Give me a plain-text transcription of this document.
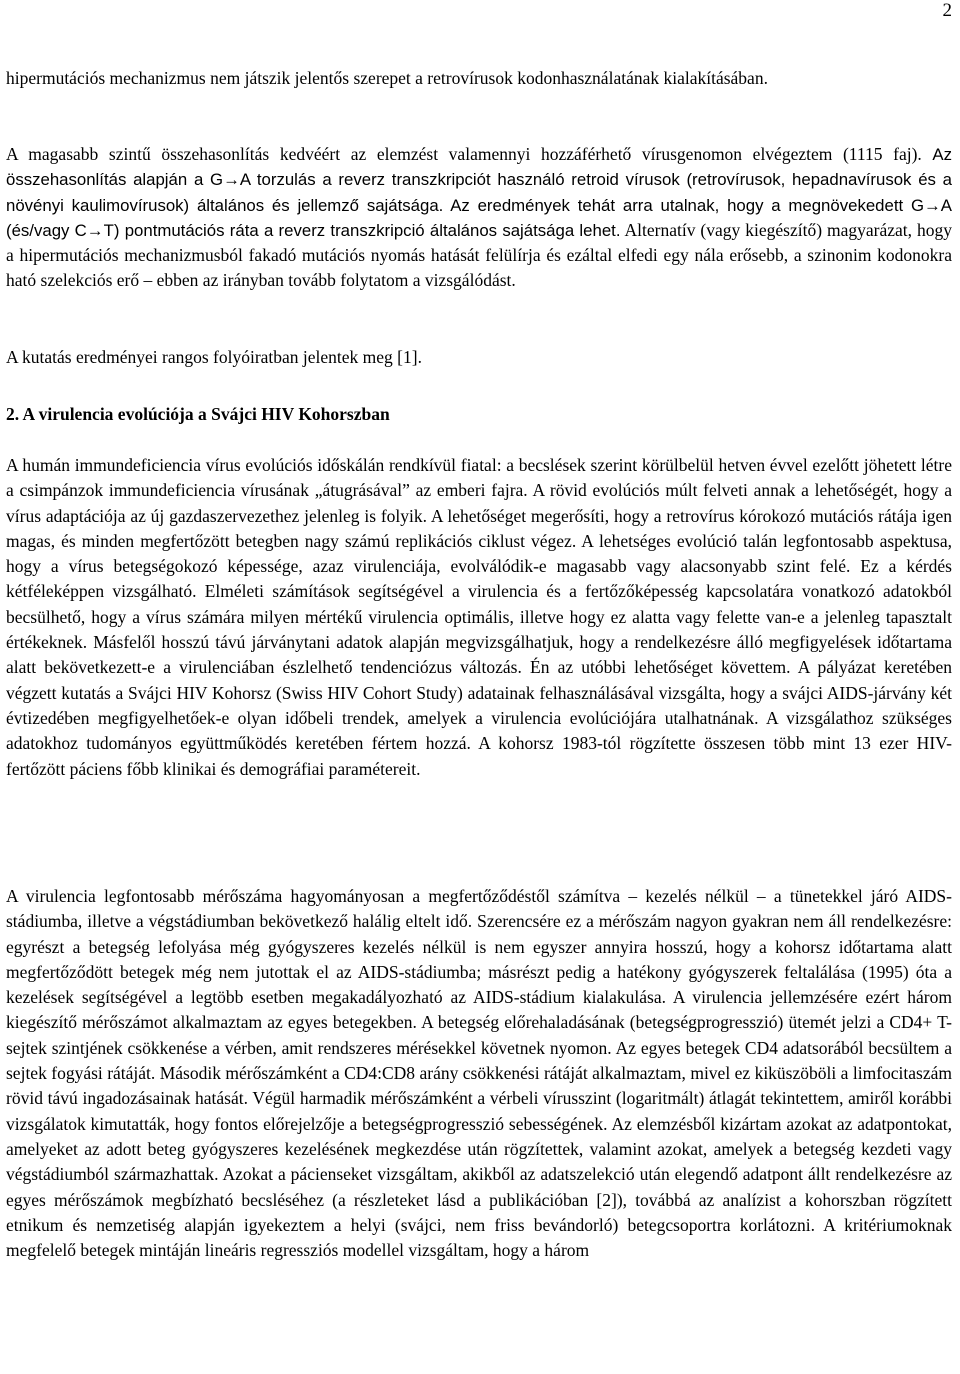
2

hipermutációs mechanizmus nem játszik jelentős szerepet a retrovírusok kodonhasználatának kialakításában.

A magasabb szintű összehasonlítás kedvéért az elemzést valamennyi hozzáférhető vírusgenomon elvégeztem (1115 faj). Az összehasonlítás alapján a G→A torzulás a reverz transzkripciót használó retroid vírusok (retrovírusok, hepadnavírusok és a növényi kaulimovírusok) általános és jellemző sajátsága. Az eredmények tehát arra utalnak, hogy a megnövekedett G→A (és/vagy C→T) pontmutációs ráta a reverz transzkripció általános sajátsága lehet. Alternatív (vagy kiegészítő) magyarázat, hogy a hipermutációs mechanizmusból fakadó mutációs nyomás hatását felülírja és ezáltal elfedi egy nála erősebb, a szinonim kodonokra ható szelekciós erő – ebben az irányban tovább folytatom a vizsgálódást.

A kutatás eredményei rangos folyóiratban jelentek meg [1].

2. A virulencia evolúciója a Svájci HIV Kohorszban

A humán immundeficiencia vírus evolúciós időskálán rendkívül fiatal: a becslések szerint körülbelül hetven évvel ezelőtt jöhetett létre a csimpánzok immundeficiencia vírusának „átugrásával” az emberi fajra. A rövid evolúciós múlt felveti annak a lehetőségét, hogy a vírus adaptációja az új gazdaszervezethez jelenleg is folyik. A lehetőséget megerősíti, hogy a retrovírus kórokozó mutációs rátája igen magas, és minden megfertőzött betegben nagy számú replikációs ciklust végez. A lehetséges evolúció talán legfontosabb aspektusa, hogy a vírus betegségokozó képessége, azaz virulenciája, evolválódik-e magasabb vagy alacsonyabb szint felé. Ez a kérdés kétféleképpen vizsgálható. Elméleti számítások segítségével a virulencia és a fertőzőképesség kapcsolatára vonatkozó adatokból becsülhető, hogy a vírus számára milyen mértékű virulencia optimális, illetve hogy ez alatta vagy felette van-e a jelenleg tapasztalt értékeknek. Másfelől hosszú távú járványtani adatok alapján megvizsgálhatjuk, hogy a rendelkezésre álló megfigyelések időtartama alatt bekövetkezett-e a virulenciában észlelhető tendenciózus változás. Én az utóbbi lehetőséget követtem. A pályázat keretében végzett kutatás a Svájci HIV Kohorsz (Swiss HIV Cohort Study) adatainak felhasználásával vizsgálta, hogy a svájci AIDS-járvány két évtizedében megfigyelhetőek-e olyan időbeli trendek, amelyek a virulencia evolúciójára utalhatnának. A vizsgálathoz szükséges adatokhoz tudományos együttműködés keretében fértem hozzá. A kohorsz 1983-tól rögzítette összesen több mint 13 ezer HIV-fertőzött páciens főbb klinikai és demográfiai paramétereit.

A virulencia legfontosabb mérőszáma hagyományosan a megfertőződéstől számítva – kezelés nélkül – a tünetekkel járó AIDS-stádiumba, illetve a végstádiumban bekövetkező halálig eltelt idő. Szerencsére ez a mérőszám nagyon gyakran nem áll rendelkezésre: egyrészt a betegség lefolyása még gyógyszeres kezelés nélkül is nem egyszer annyira hosszú, hogy a kohorsz időtartama alatt megfertőződött betegek még nem jutottak el az AIDS-stádiumba; másrészt pedig a hatékony gyógyszerek feltalálása (1995) óta a kezelések segítségével a legtöbb esetben megakadályozható az AIDS-stádium kialakulása. A virulencia jellemzésére ezért három kiegészítő mérőszámot alkalmaztam az egyes betegekben. A betegség előrehaladásának (betegségprogresszió) ütemét jelzi a CD4+ T-sejtek szintjének csökkenése a vérben, amit rendszeres mérésekkel követnek nyomon. Az egyes betegek CD4 adatsorából becsültem a sejtek fogyási rátáját. Második mérőszámként a CD4:CD8 arány csökkenési rátáját alkalmaztam, mivel ez kiküszöböli a limfocitaszám rövid távú ingadozásainak hatását. Végül harmadik mérőszámként a vérbeli vírusszint (logaritmált) átlagát tekintettem, amiről korábbi vizsgálatok kimutatták, hogy fontos előrejelzője a betegségprogresszió sebességének. Az elemzésből kizártam azokat az adatpontokat, amelyeket az adott beteg gyógyszeres kezelésének megkezdése után rögzítettek, valamint azokat, amelyek a betegség kezdeti vagy végstádiumból származhattak. Azokat a pácienseket vizsgáltam, akikből az adatszelekció után elegendő adatpont állt rendelkezésre az egyes mérőszámok megbízható becsléséhez (a részleteket lásd a publikációban [2]), továbbá az analízist a kohorszban rögzített etnikum és nemzetiség alapján igyekeztem a helyi (svájci, nem friss bevándorló) betegcsoportra korlátozni. A kritériumoknak megfelelő betegek mintáján lineáris regressziós modellel vizsgáltam, hogy a három
